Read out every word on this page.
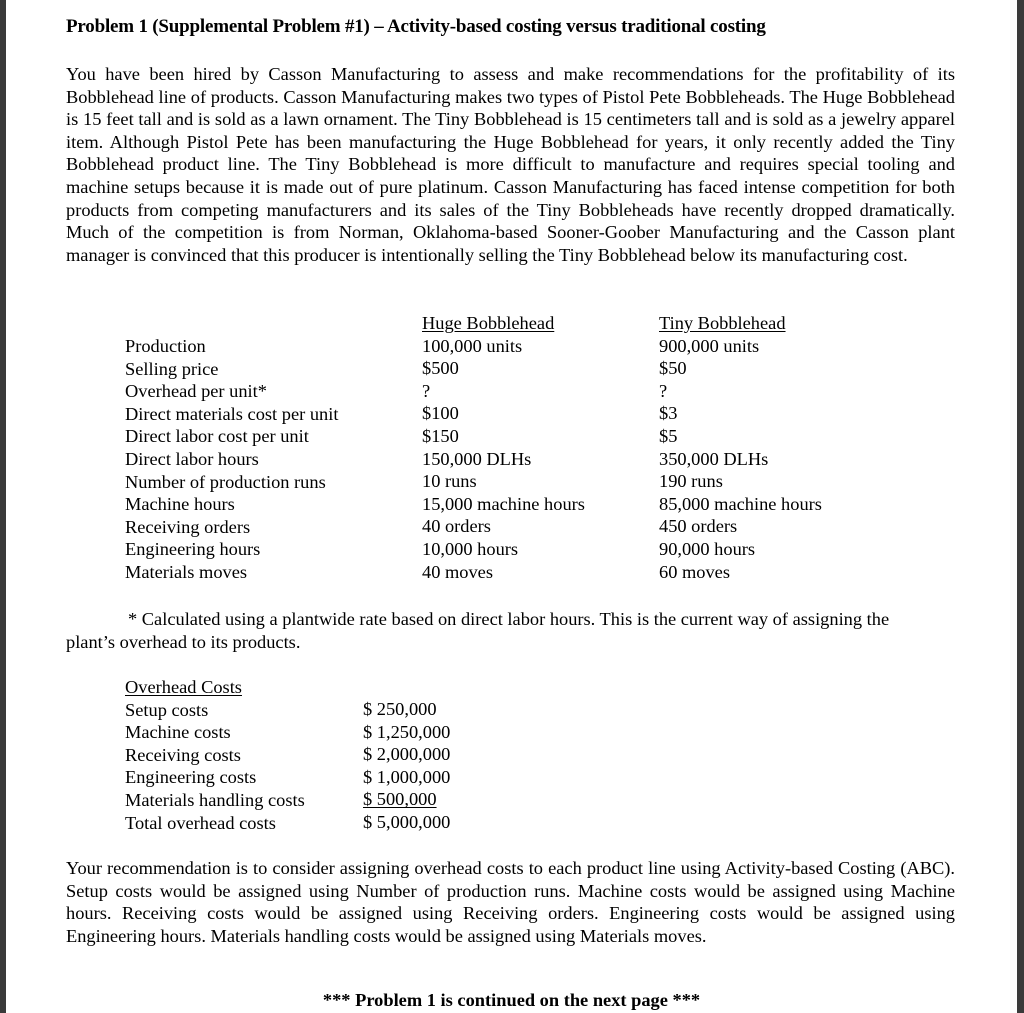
Problem 1 (Supplemental Problem #1) – Activity-based costing versus traditional costing

You have been hired by Casson Manufacturing to assess and make recommendations for the profitability of its Bobblehead line of products. Casson Manufacturing makes two types of Pistol Pete Bobbleheads. The Huge Bobblehead is 15 feet tall and is sold as a lawn ornament. The Tiny Bobblehead is 15 centimeters tall and is sold as a jewelry apparel item. Although Pistol Pete has been manufacturing the Huge Bobblehead for years, it only recently added the Tiny Bobblehead product line. The Tiny Bobblehead is more difficult to manufacture and requires special tooling and machine setups because it is made out of pure platinum. Casson Manufacturing has faced intense competition for both products from competing manufacturers and its sales of the Tiny Bobbleheads have recently dropped dramatically. Much of the competition is from Norman, Oklahoma-based Sooner-Goober Manufacturing and the Casson plant manager is convinced that this producer is intentionally selling the Tiny Bobblehead below its manufacturing cost.

Production
Selling price
Overhead per unit*
Direct materials cost per unit
Direct labor cost per unit
Direct labor hours
Number of production runs
Machine hours
Receiving orders
Engineering hours
Materials moves
Huge Bobblehead
100,000 units
$500
?
$100
$150
150,000 DLHs
10 runs
15,000 machine hours
40 orders
10,000 hours
40 moves
Tiny Bobblehead
900,000 units
$50
?
$3
$5
350,000 DLHs
190 runs
85,000 machine hours
450 orders
90,000 hours
60 moves

* Calculated using a plantwide rate based on direct labor hours. This is the current way of assigning the

plant’s overhead to its products.

Overhead Costs
Setup costs
Machine costs
Receiving costs
Engineering costs
Materials handling costs
Total overhead costs
$ 250,000
$ 1,250,000
$ 2,000,000
$ 1,000,000
$ 500,000
$ 5,000,000

Your recommendation is to consider assigning overhead costs to each product line using Activity-based Costing (ABC). Setup costs would be assigned using Number of production runs. Machine costs would be assigned using Machine hours. Receiving costs would be assigned using Receiving orders. Engineering costs would be assigned using Engineering hours. Materials handling costs would be assigned using Materials moves.

*** Problem 1 is continued on the next page ***
